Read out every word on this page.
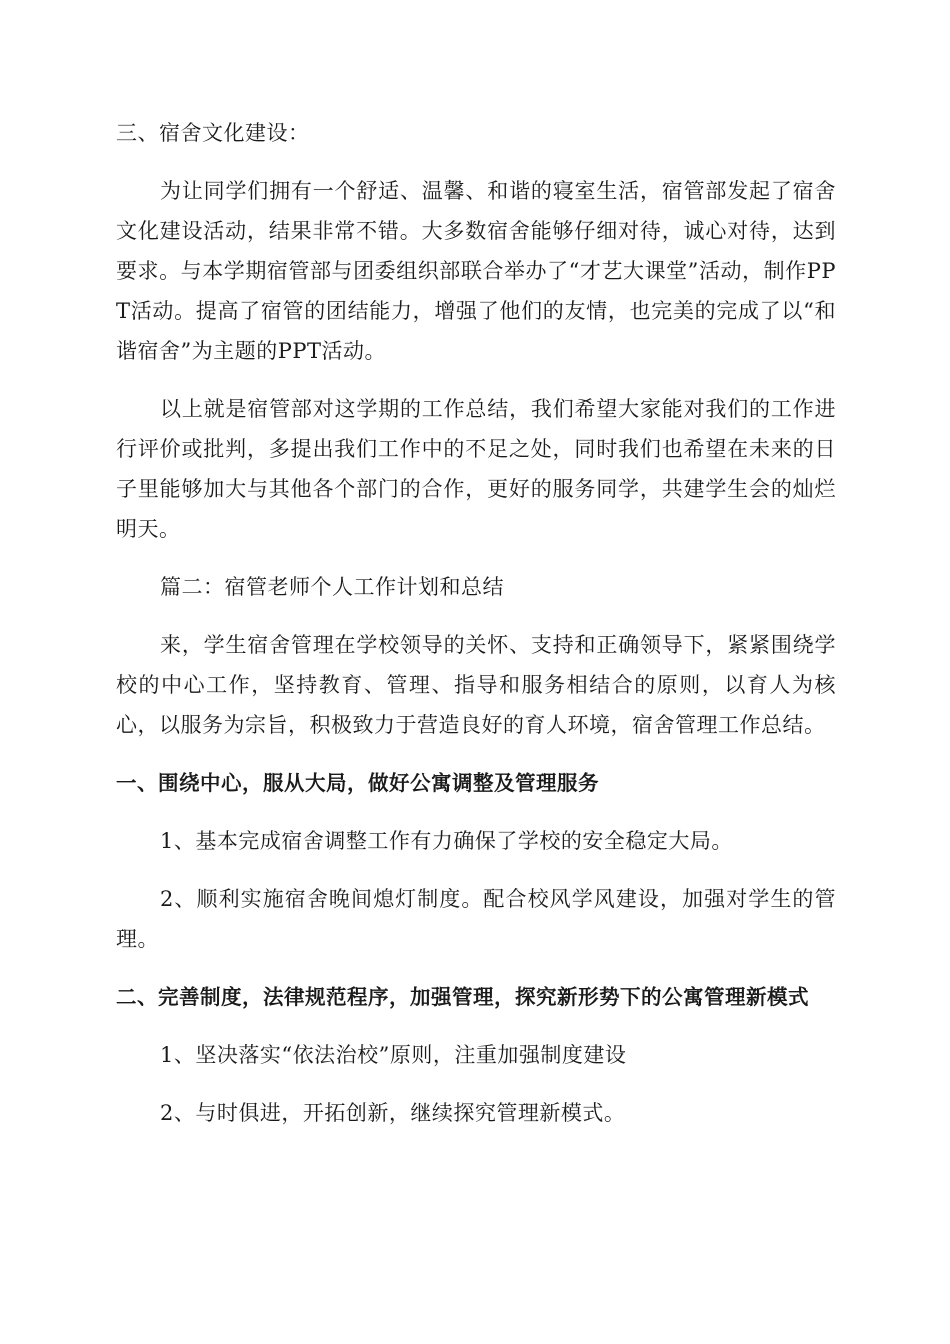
三、宿舍文化建设：

为让同学们拥有一个舒适、温馨、和谐的寝室生活，宿管部发起了宿舍文化建设活动，结果非常不错。大多数宿舍能够仔细对待，诚心对待，达到要求。与本学期宿管部与团委组织部联合举办了“才艺大课堂”活动，制作PPT活动。提高了宿管的团结能力，增强了他们的友情，也完美的完成了以“和谐宿舍”为主题的PPT活动。

以上就是宿管部对这学期的工作总结，我们希望大家能对我们的工作进行评价或批判，多提出我们工作中的不足之处，同时我们也希望在未来的日子里能够加大与其他各个部门的合作，更好的服务同学，共建学生会的灿烂明天。

篇二：宿管老师个人工作计划和总结

来，学生宿舍管理在学校领导的关怀、支持和正确领导下，紧紧围绕学校的中心工作，坚持教育、管理、指导和服务相结合的原则，以育人为核心，以服务为宗旨，积极致力于营造良好的育人环境，宿舍管理工作总结。

一、围绕中心，服从大局，做好公寓调整及管理服务

1、基本完成宿舍调整工作有力确保了学校的安全稳定大局。

2、顺利实施宿舍晚间熄灯制度。配合校风学风建设，加强对学生的管理。

二、完善制度，法律规范程序，加强管理，探究新形势下的公寓管理新模式

1、坚决落实“依法治校”原则，注重加强制度建设

2、与时俱进，开拓创新，继续探究管理新模式。
